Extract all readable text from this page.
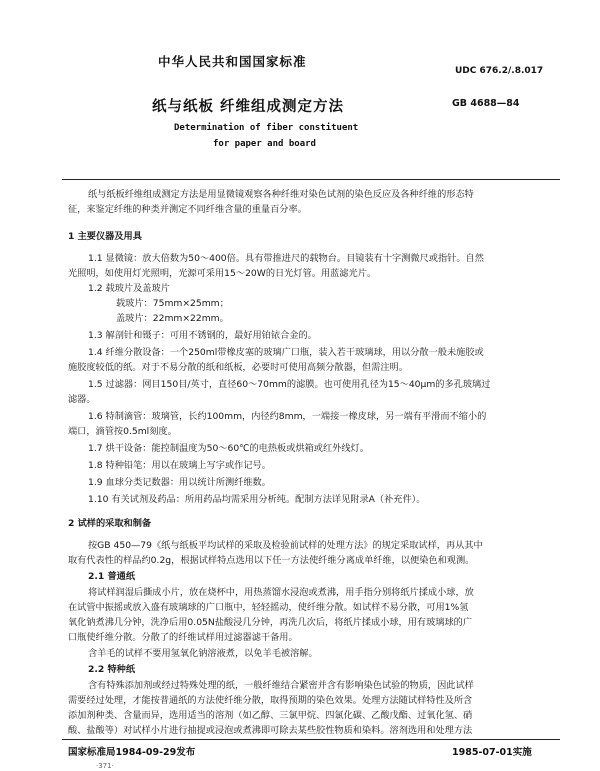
中华人民共和国国家标准
UDC 676.2/.8.017
纸与纸板 纤维组成测定方法	GB 4688—84
Determination of fiber constituent
for paper and board
纸与纸板纤维组成测定方法是用显微镜观察各种纤维对染色试剂的染色反应及各种纤维的形态特
征，来鉴定纤维的种类并测定不同纤维含量的重量百分率。
1 主要仪器及用具
1.1 显微镜：放大倍数为50～400倍。具有带推进尺的载物台。目镜装有十字测微尺或指针。自然
光照明，如使用灯光照明，光源可采用15～20W的日光灯管。用蓝滤光片。
1.2 载玻片及盖玻片
载玻片：75mm×25mm；
盖玻片：22mm×22mm。
1.3 解剖针和镊子：可用不锈钢的，最好用铂铱合金的。
1.4 纤维分散设备：一个250ml带橡皮塞的玻璃广口瓶，装入若干玻璃球，用以分散一般未施胶或
施胶度较低的纸。对于不易分散的纸和纸板，必要时可使用高频分散器，但需注明。
1.5 过滤器：网目150目/英寸，直径60～70mm的滤膜。也可使用孔径为15～40μm的多孔玻璃过
滤器。
1.6 特制滴管：玻璃管，长约100mm，内径约8mm，一端接一橡皮球，另一端有平滑而不缩小的
端口，滴管按0.5ml刻度。
1.7 烘干设备：能控制温度为50～60℃的电热板或烘箱或红外线灯。
1.8 特种铅笔：用以在玻璃上写字或作记号。
1.9 血球分类记数器：用以统计所测纤维数。
1.10 有关试剂及药品：所用药品均需采用分析纯。配制方法详见附录A（补充件）。
2 试样的采取和制备
按GB 450—79《纸与纸板平均试样的采取及检验前试样的处理方法》的规定采取试样，再从其中
取有代表性的样品约0.2g，根据试样特点选用以下任一方法使纤维分离成单纤维，以便染色和观测。
2.1 普通纸
将试样润湿后撕成小片，放在烧杯中，用热蒸馏水浸泡或煮沸，用手指分别将纸片揉成小球，放
在试管中振摇或放入盛有玻璃球的广口瓶中，轻轻摇动，使纤维分散。如试样不易分散，可用1%氢
氧化钠煮沸几分钟，洗净后用0.05N盐酸浸几分钟，再洗几次后，将纸片揉成小球，用有玻璃球的广
口瓶使纤维分散。分散了的纤维试样用过滤器滤干备用。
含羊毛的试样不要用氢氧化钠溶液煮，以免羊毛被溶解。
2.2 特种纸
含有特殊添加剂或经过特殊处理的纸，一般纤维结合紧密并含有影响染色试验的物质，因此试样
需要经过处理，才能按普通纸的方法使纤维分散，取得预期的染色效果。处理方法随试样特性及所含
添加剂种类、含量而异，选用适当的溶剂（如乙醇、三氯甲烷、四氯化碳、乙酸戊酯、过氧化氢、硝
酸、盐酸等）对试样小片进行抽提或浸泡或煮沸即可除去某些胶性物质和染料。溶剂选用和处理方法
国家标准局1984-09-29发布	1985-07-01实施
·371·
